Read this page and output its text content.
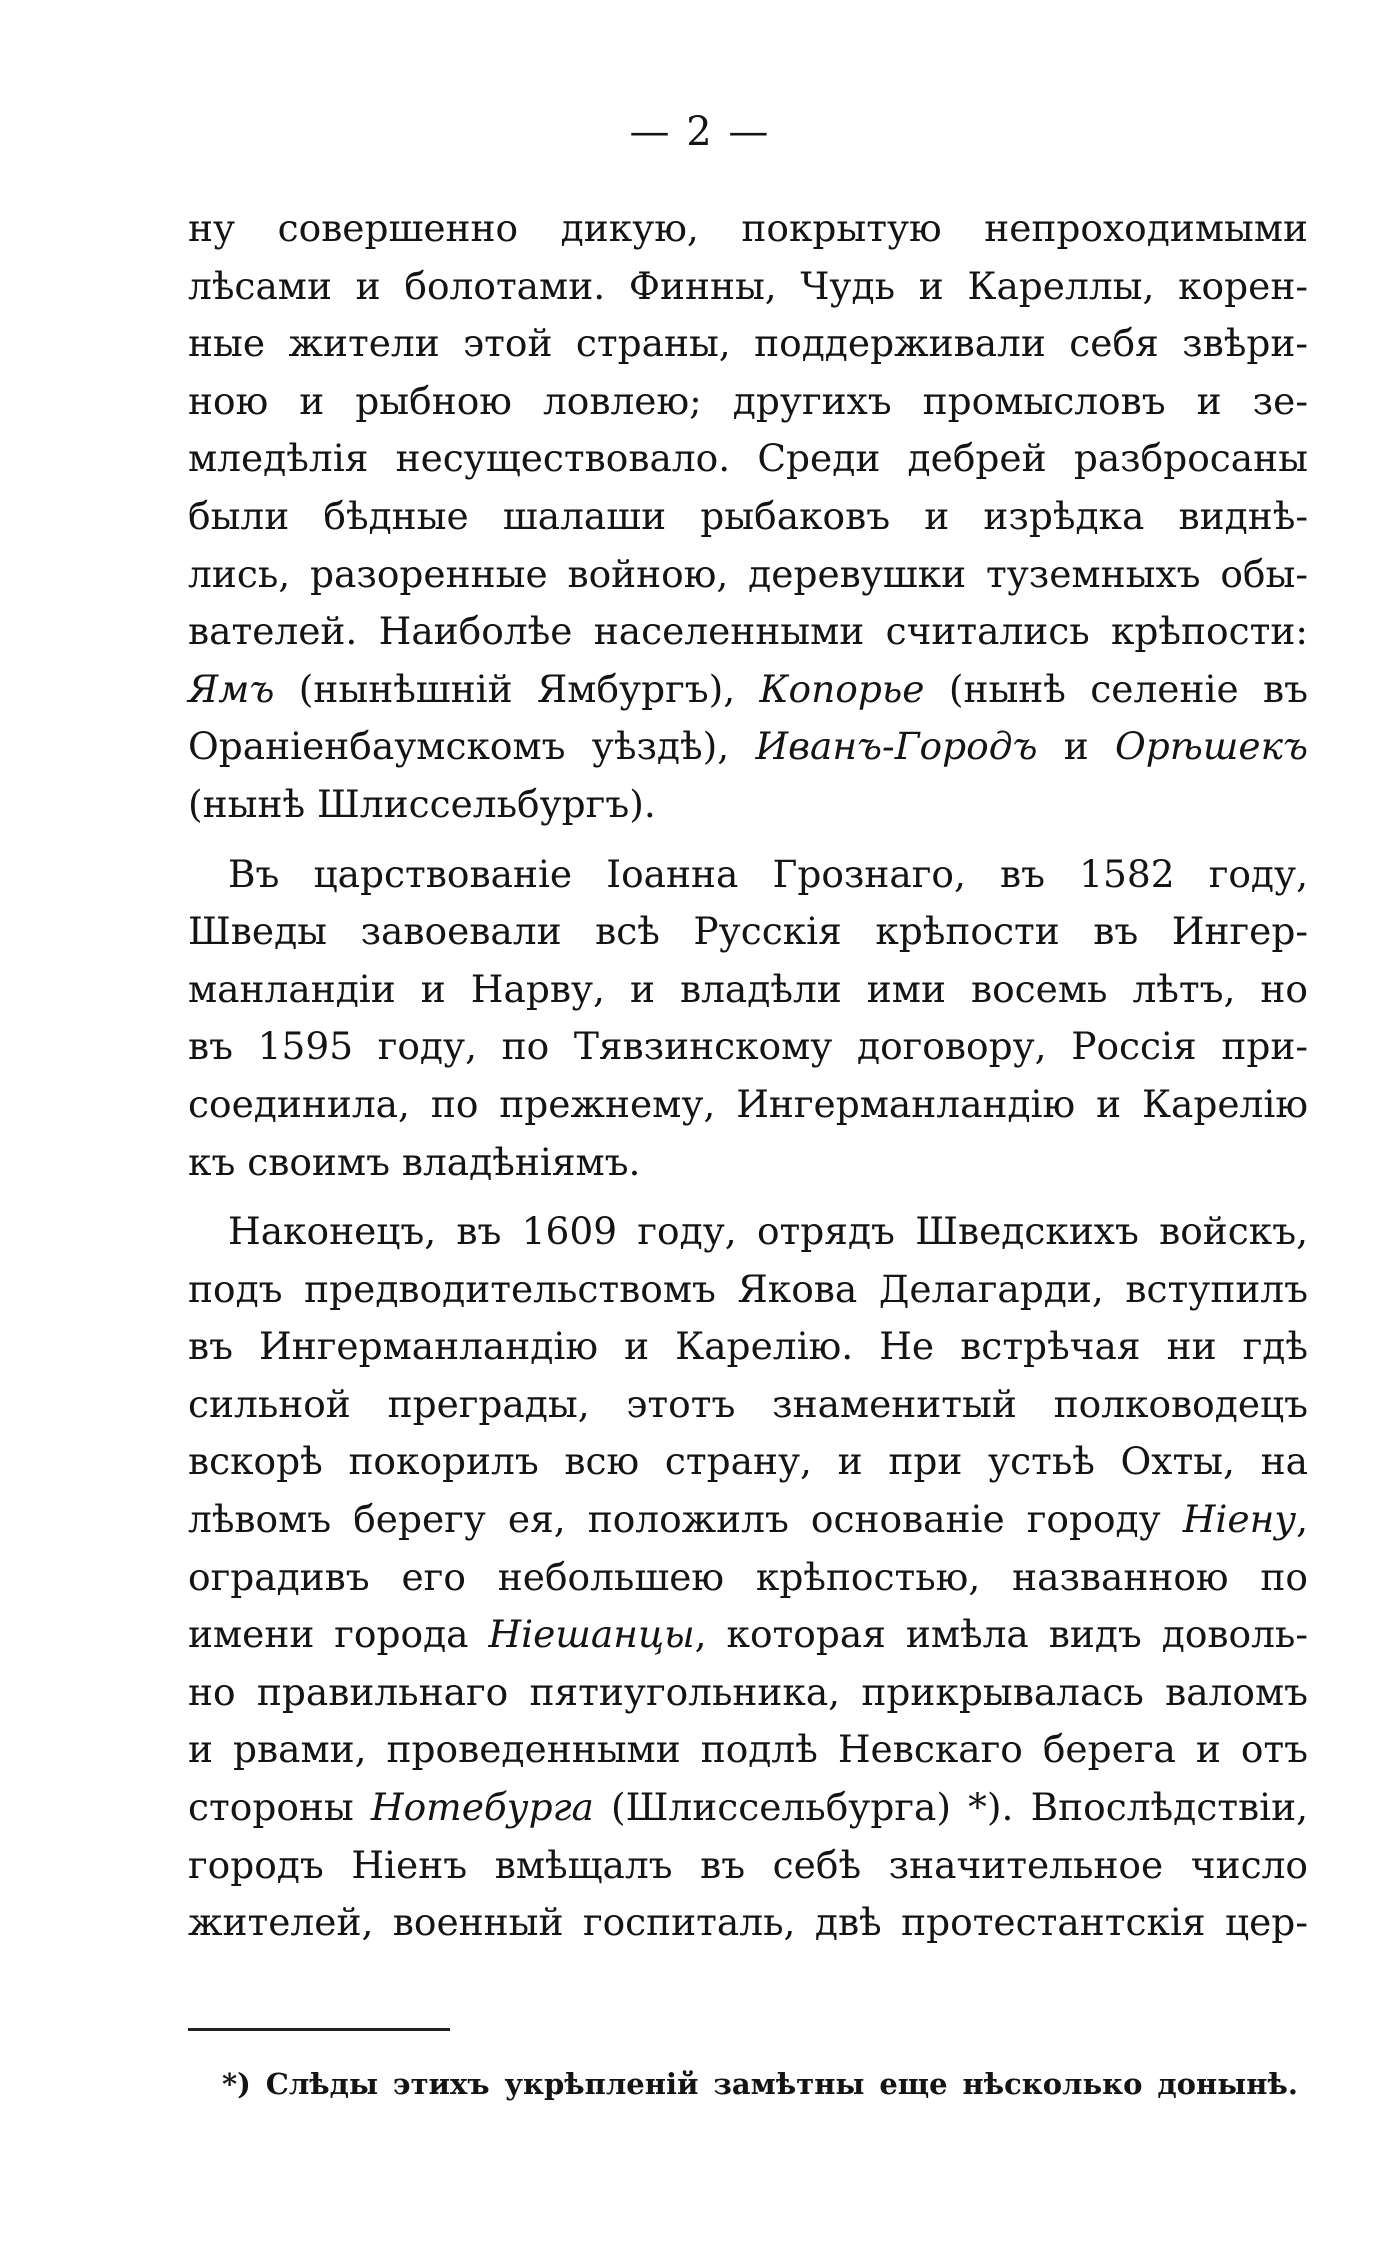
— 2 —
ну совершенно дикую, покрытую непроходимыми
лѣсами и болотами. Финны, Чудь и Кареллы, корен-
ные жители этой страны, поддерживали себя звѣри-
ною и рыбною ловлею; другихъ промысловъ и зе-
мледѣлія несуществовало. Среди дебрей разбросаны
были бѣдные шалаши рыбаковъ и изрѣдка виднѣ-
лись, разоренные войною, деревушки туземныхъ обы-
вателей. Наиболѣе населенными считались крѣпости:
Ямъ (нынѣшній Ямбургъ), Копорье (нынѣ селеніе въ
Ораніенбаумскомъ уѣздѣ), Иванъ-Городъ и Орѣшекъ
(нынѣ Шлиссельбургъ).
Въ царствованіе Іоанна Грознаго, въ 1582 году,
Шведы завоевали всѣ Русскія крѣпости въ Ингер-
манландіи и Нарву, и владѣли ими восемь лѣтъ, но
въ 1595 году, по Тявзинскому договору, Россія при-
соединила, по прежнему, Ингерманландію и Карелію
къ своимъ владѣніямъ.
Наконецъ, въ 1609 году, отрядъ Шведскихъ войскъ,
подъ предводительствомъ Якова Делагарди, вступилъ
въ Ингерманландію и Карелію. Не встрѣчая ни гдѣ
сильной преграды, этотъ знаменитый полководецъ
вскорѣ покорилъ всю страну, и при устьѣ Охты, на
лѣвомъ берегу ея, положилъ основаніе городу Ніену,
оградивъ его небольшею крѣпостью, названною по
имени города Ніешанцы, которая имѣла видъ доволь-
но правильнаго пятиугольника, прикрывалась валомъ
и рвами, проведенными подлѣ Невскаго берега и отъ
стороны Нотебурга (Шлиссельбурга) *). Впослѣдствіи,
городъ Ніенъ вмѣщалъ въ себѣ значительное число
жителей, военный госпиталь, двѣ протестантскія цер-
*) Слѣды этихъ укрѣпленій замѣтны еще нѣсколько донынѣ.
